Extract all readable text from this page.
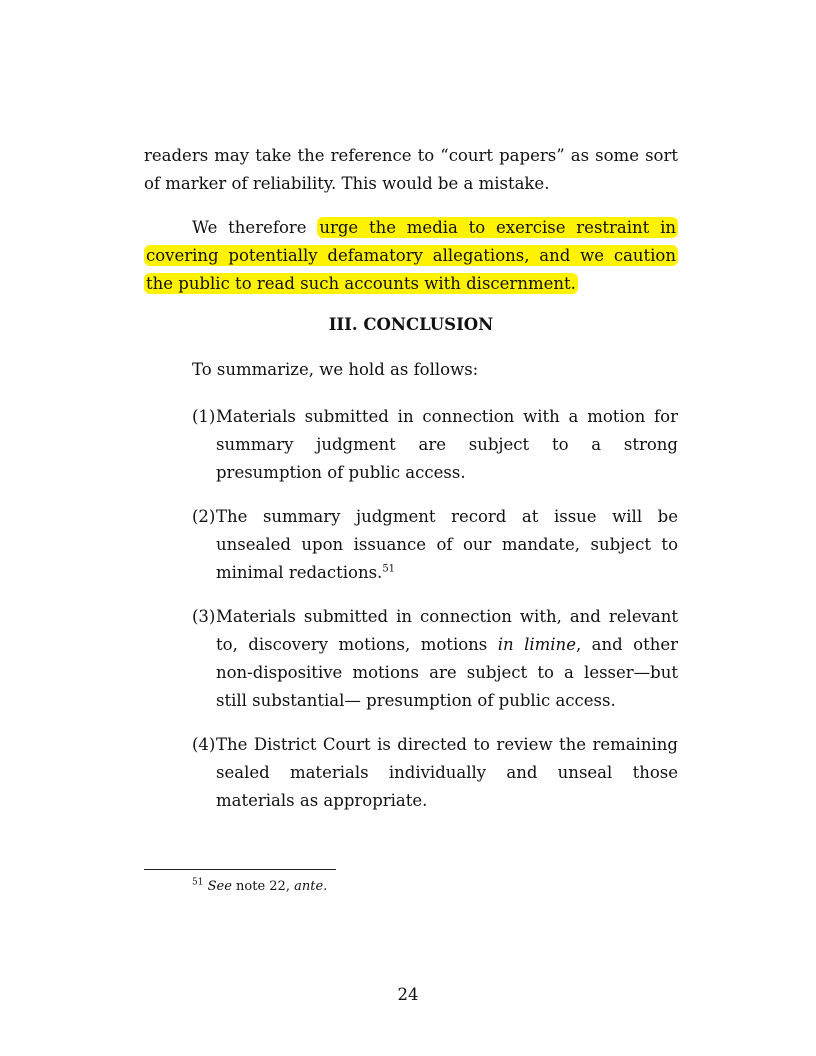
readers may take the reference to “court papers” as some sort of marker of reliability. This would be a mistake.
We therefore urge the media to exercise restraint in covering potentially defamatory allegations, and we caution the public to read such accounts with discernment.
III. CONCLUSION
To summarize, we hold as follows:
(1) Materials submitted in connection with a motion for summary judgment are subject to a strong presumption of public access.
(2) The summary judgment record at issue will be unsealed upon issuance of our mandate, subject to minimal redactions.$^{51}$
(3) Materials submitted in connection with, and relevant to, discovery motions, motions in limine, and other non-dispositive motions are subject to a lesser—but still substantial— presumption of public access.
(4) The District Court is directed to review the remaining sealed materials individually and unseal those materials as appropriate.
$^{51}$ See note 22, ante.
24
